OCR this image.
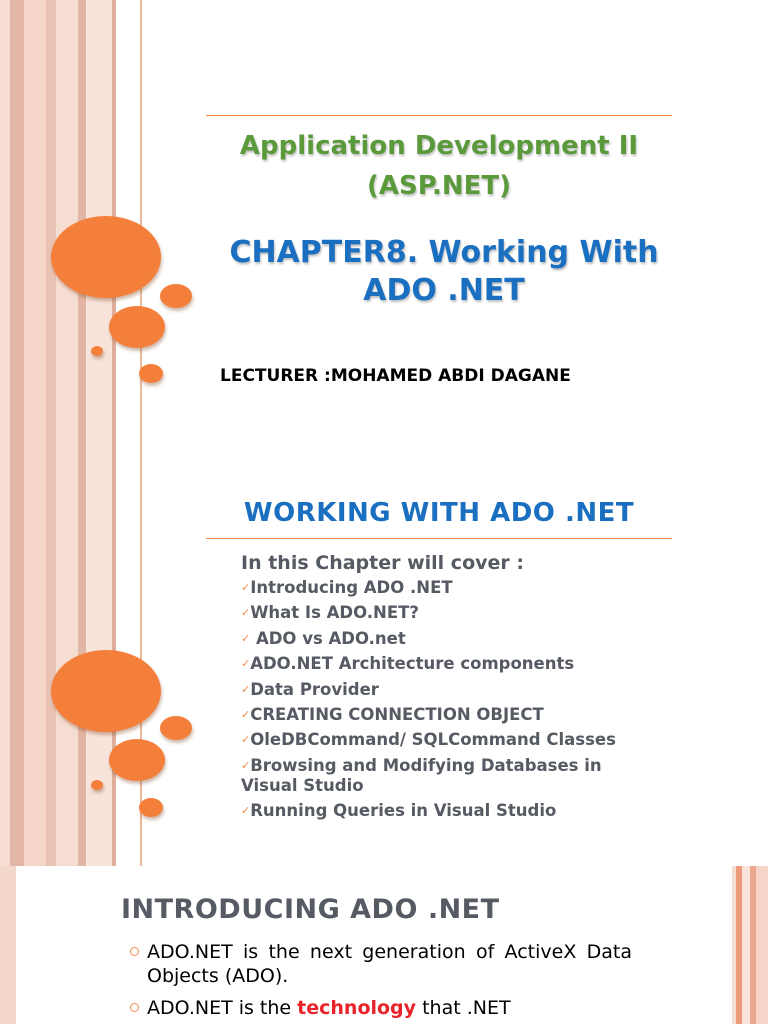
Application Development II
(ASP.NET)
CHAPTER8. Working With
ADO .NET
LECTURER :MOHAMED ABDI DAGANE
WORKING WITH ADO .NET
In this Chapter will cover :
✓Introducing ADO .NET
✓What Is ADO.NET?
✓ ADO vs ADO.net
✓ADO.NET Architecture components
✓Data Provider
✓CREATING CONNECTION OBJECT
✓OleDBCommand/ SQLCommand Classes
✓Browsing and Modifying Databases in Visual Studio
✓Running Queries in Visual Studio
INTRODUCING ADO .NET
ADO.NET is the next generation of ActiveX Data Objects (ADO).
ADO.NET is the technology that .NET
